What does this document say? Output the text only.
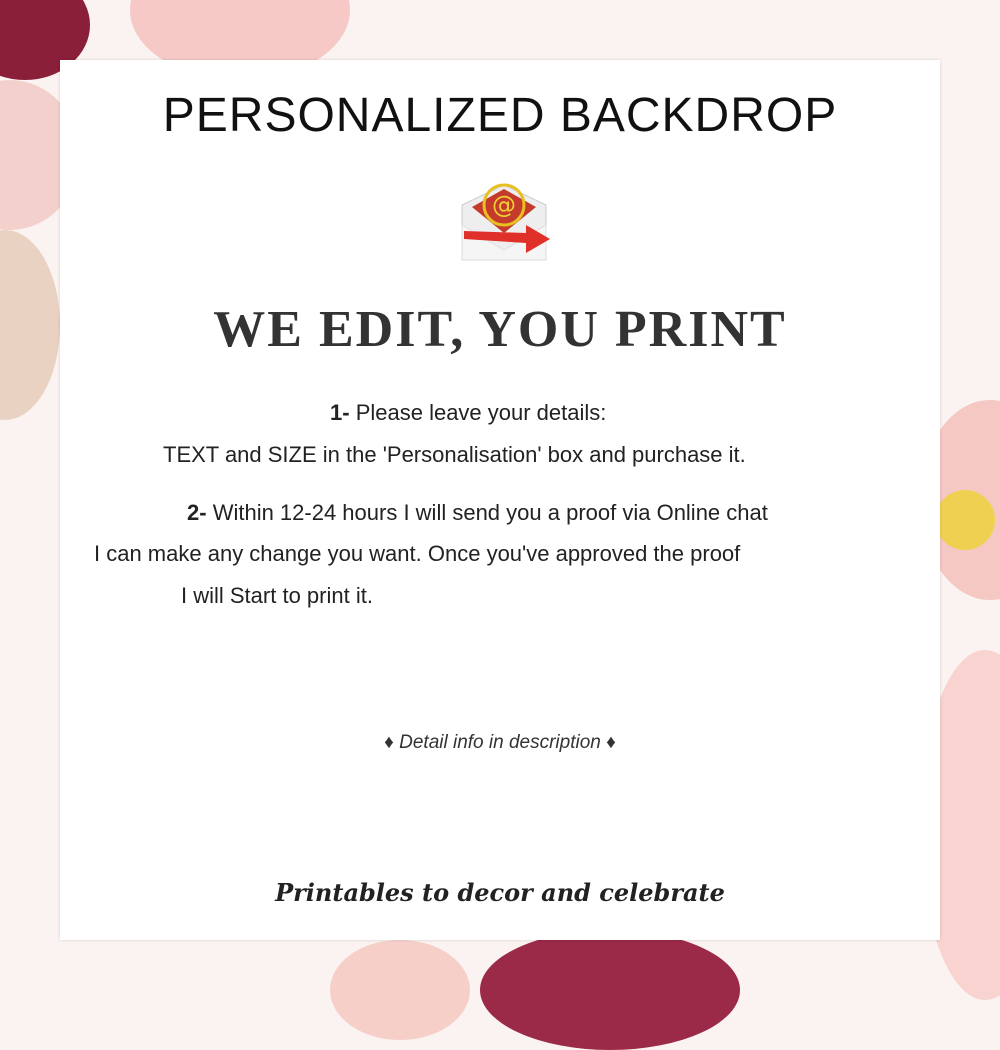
PERSONALIZED BACKDROP
@
WE EDIT, YOU PRINT
1- Please leave your details:
TEXT and SIZE in the 'Personalisation' box and purchase it.
2- Within 12-24 hours I will send you a proof via Online chat
I can make any change you want. Once you've approved the proof
I will Start to print it.
♦ Detail info in description ♦
Printables to decor and celebrate
